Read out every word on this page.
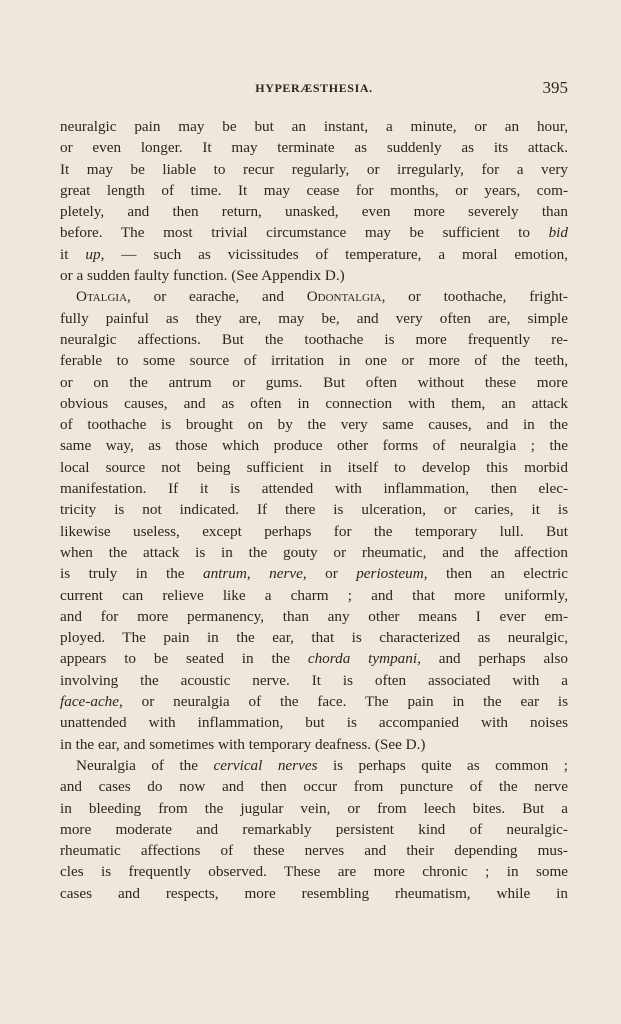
HYPERÆSTHESIA.	395
neuralgic pain may be but an instant, a minute, or an hour,
or even longer. It may terminate as suddenly as its attack.
It may be liable to recur regularly, or irregularly, for a very
great length of time. It may cease for months, or years, com-
pletely, and then return, unasked, even more severely than
before. The most trivial circumstance may be sufficient to bid
it up, — such as vicissitudes of temperature, a moral emotion,
or a sudden faulty function. (See Appendix D.)
Otalgia, or earache, and Odontalgia, or toothache, fright-
fully painful as they are, may be, and very often are, simple
neuralgic affections. But the toothache is more frequently re-
ferable to some source of irritation in one or more of the teeth,
or on the antrum or gums. But often without these more
obvious causes, and as often in connection with them, an attack
of toothache is brought on by the very same causes, and in the
same way, as those which produce other forms of neuralgia ; the
local source not being sufficient in itself to develop this morbid
manifestation. If it is attended with inflammation, then elec-
tricity is not indicated. If there is ulceration, or caries, it is
likewise useless, except perhaps for the temporary lull. But
when the attack is in the gouty or rheumatic, and the affection
is truly in the antrum, nerve, or periosteum, then an electric
current can relieve like a charm ; and that more uniformly,
and for more permanency, than any other means I ever em-
ployed. The pain in the ear, that is characterized as neuralgic,
appears to be seated in the chorda tympani, and perhaps also
involving the acoustic nerve. It is often associated with a
face-ache, or neuralgia of the face. The pain in the ear is
unattended with inflammation, but is accompanied with noises
in the ear, and sometimes with temporary deafness. (See D.)
Neuralgia of the cervical nerves is perhaps quite as common ;
and cases do now and then occur from puncture of the nerve
in bleeding from the jugular vein, or from leech bites. But a
more moderate and remarkably persistent kind of neuralgic-
rheumatic affections of these nerves and their depending mus-
cles is frequently observed. These are more chronic ; in some
cases and respects, more resembling rheumatism, while in
